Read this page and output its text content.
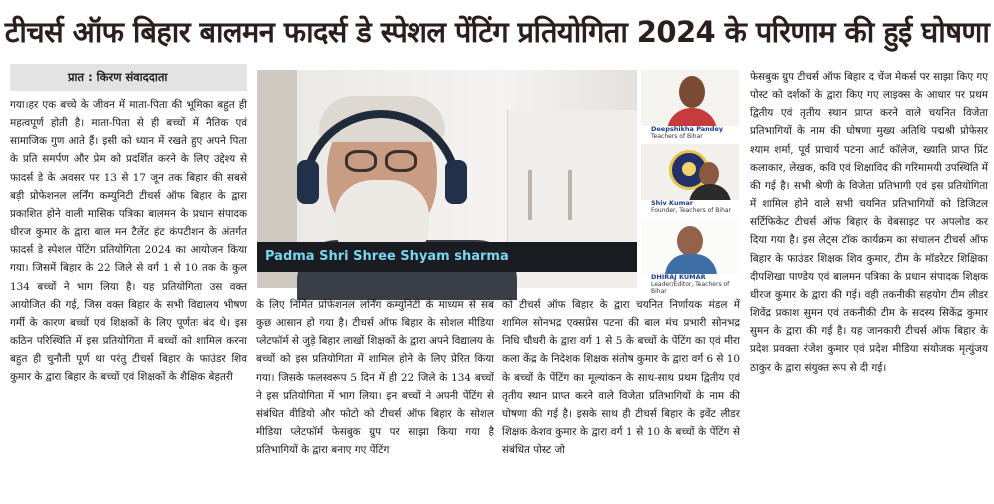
टीचर्स ऑफ बिहार बालमन फादर्स डे स्पेशल पेंटिंग प्रतियोगिता 2024 के परिणाम की हुई घोषणा
प्रात : किरण संवाददाता

गया।हर एक बच्चे के जीवन में माता-पिता की भूमिका बहुत ही महत्वपूर्ण होती है। माता-पिता से ही बच्चों में नैतिक एवं सामाजिक गुण आते हैं। इसी को ध्यान में रखते हुए अपने पिता के प्रति समर्पण और प्रेम को प्रदर्शित करने के लिए उद्देश्य से फादर्स डे के अवसर पर 13 से 17 जून तक बिहार की सबसे बड़ी प्रोफेशनल लर्निंग कम्युनिटी टीचर्स ऑफ बिहार के द्वारा प्रकाशित होने वाली मासिक पत्रिका बालमन के प्रधान संपादक धीरज कुमार के द्वारा बाल मन टैलेंट हंट कंपटीशन के अंतर्गत फादर्स डे स्पेशल पेंटिंग प्रतियोगिता 2024 का आयोजन किया गया। जिसमें बिहार के 22 जिले से वर्ग 1 से 10 तक के कुल 134 बच्चों ने भाग लिया है। यह प्रतियोगिता उस वक्त आयोजित की गई, जिस वक्त बिहार के सभी विद्यालय भीषण गर्मी के कारण बच्चों एवं शिक्षकों के लिए पूर्णतः बंद थे। इस कठिन परिस्थिति में इस प्रतियोगिता में बच्चों को शामिल करना बहुत ही चुनौती पूर्ण था परंतु टीचर्स बिहार के फाउंडर शिव कुमार के द्वारा बिहार के बच्चों एवं शिक्षकों के शैक्षिक बेहतरी

Padma Shri Shree Shyam sharma
Deepshikha Pandey
Teachers of Bihar
Shiv Kumar
Founder, Teachers of Bihar
DHIRAJ KUMAR
Leader/Editor, Teachers of Bihar

के लिए निर्मित प्रोफेशनल लर्निंग कम्युनिटी के माध्यम से सब कुछ आसान हो गया है। टीचर्स ऑफ बिहार के सोशल मीडिया प्लेटफॉर्म से जुड़े बिहार लाखों शिक्षकों के द्वारा अपने विद्यालय के बच्चों को इस प्रतियोगिता में शामिल होने के लिए प्रेरित किया गया। जिसके फलस्वरूप 5 दिन में ही 22 जिले के 134 बच्चों ने इस प्रतियोगिता में भाग लिया। इन बच्चों ने अपनी पेंटिंग से संबंधित वीडियो और फोटो को टीचर्स ऑफ बिहार के सोशल मीडिया प्लेटफॉर्म फेसबुक ग्रुप पर साझा किया गया है प्रतिभागियों के द्वारा बनाए गए पेंटिंग

को टीचर्स ऑफ बिहार के द्वारा चयनित निर्णायक मंडल में शामिल सोनभद्र एक्सप्रेस पटना की बाल मंच प्रभारी सोनभद्र निधि चौधरी के द्वारा वर्ग 1 से 5 के बच्चों के पेंटिंग का एवं मीरा कला केंद्र के निदेशक शिक्षक संतोष कुमार के द्वारा वर्ग 6 से 10 के बच्चों के पेंटिंग का मूल्यांकन के साथ-साथ प्रथम द्वितीय एवं तृतीय स्थान प्राप्त करने वाले विजेता प्रतिभागियों के नाम की घोषणा की गई है। इसके साथ ही टीचर्स बिहार के इवेंट लीडर शिक्षक केशव कुमार के द्वारा वर्ग 1 से 10 के बच्चों के पेंटिंग से संबंधित पोस्ट जो

फेसबुक ग्रुप टीचर्स ऑफ बिहार द चेंज मेकर्स पर साझा किए गए पोस्ट को दर्शकों के द्वारा किए गए लाइक्स के आधार पर प्रथम द्वितीय एवं तृतीय स्थान प्राप्त करने वाले चयनित विजेता प्रतिभागियों के नाम की घोषणा मुख्य अतिथि पद्मश्री प्रोफेसर श्याम शर्मा, पूर्व प्राचार्य पटना आर्ट कॉलेज, ख्याति प्राप्त प्रिंट कलाकार, लेखक, कवि एवं शिक्षाविद की गरिमामयी उपस्थिति में की गई है। सभी श्रेणी के विजेता प्रतिभागी एवं इस प्रतियोगिता में शामिल होने वाले सभी चयनित प्रतिभागियों को डिजिटल सर्टिफिकेट टीचर्स ऑफ बिहार के वेबसाइट पर अपलोड कर दिया गया है। इस लेट्स टॉक कार्यक्रम का संचालन टीचर्स ऑफ बिहार के फाउंडर शिक्षक शिव कुमार, टीम के मॉडरेटर शिक्षिका दीपशिखा पाण्डेय एवं बालमन पत्रिका के प्रधान संपादक शिक्षक धीरज कुमार के द्वारा की गई। वही तकनीकी सहयोग टीम लीडर शिवेंद्र प्रकाश सुमन एवं तकनीकी टीम के सदस्य सिकेंद्र कुमार सुमन के द्वारा की गई है। यह जानकारी टीचर्स ऑफ बिहार के प्रदेश प्रवक्ता रंजेश कुमार एवं प्रदेश मीडिया संयोजक मृत्युंजय ठाकुर के द्वारा संयुक्त रूप से दी गई।
